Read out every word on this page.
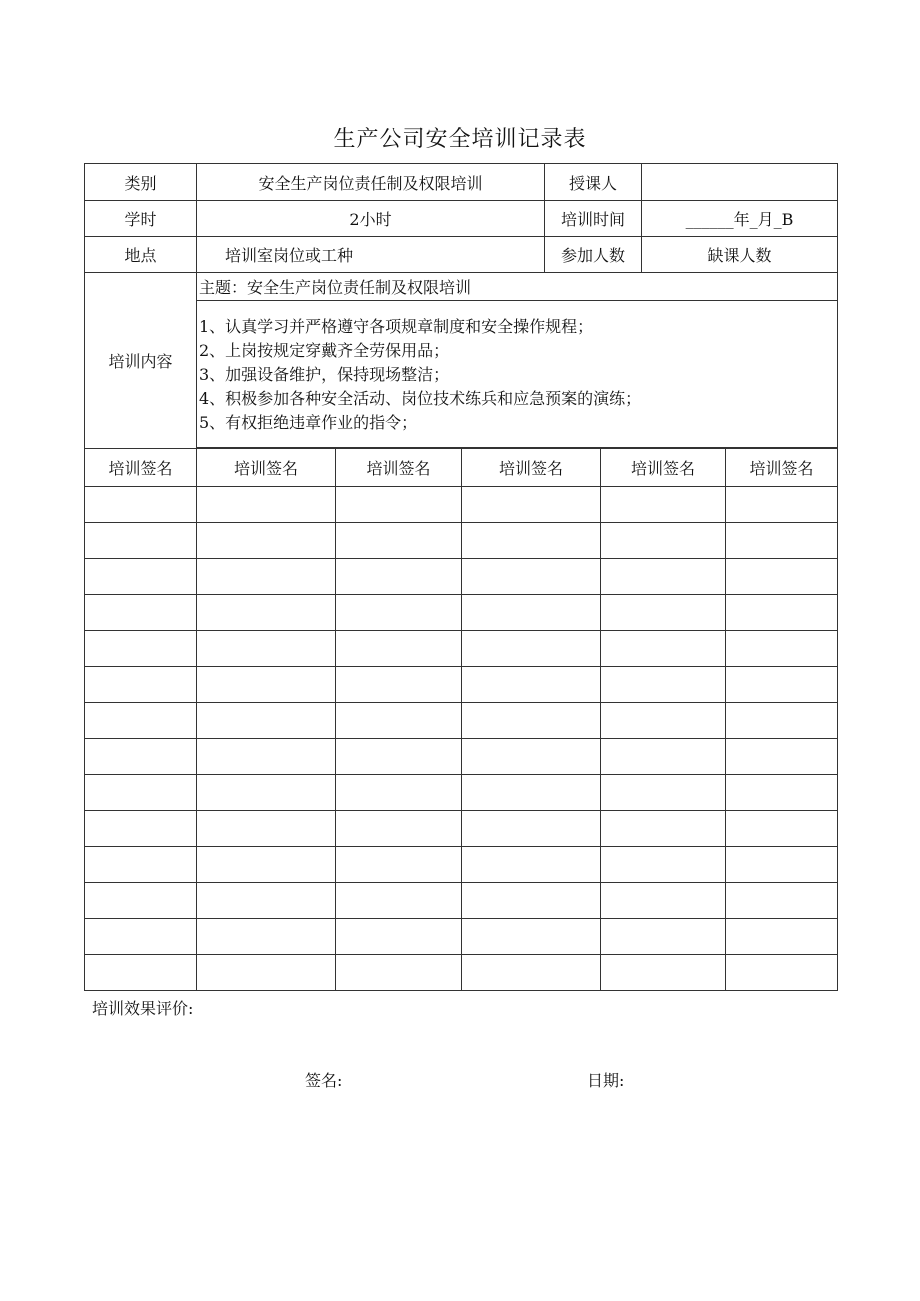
生产公司安全培训记录表
类别	安全生产岗位责任制及权限培训	授课人
学时	2小时	培训时间	______年_月_B
地点	培训室岗位或工种	参加人数	缺课人数
培训内容
主题：安全生产岗位责任制及权限培训
1、认真学习并严格遵守各项规章制度和安全操作规程；
2、上岗按规定穿戴齐全劳保用品；
3、加强设备维护，保持现场整洁；
4、积极参加各种安全活动、岗位技术练兵和应急预案的演练；
5、有权拒绝违章作业的指令；
培训签名	培训签名	培训签名	培训签名	培训签名	培训签名
培训效果评价:
签名:	日期:
